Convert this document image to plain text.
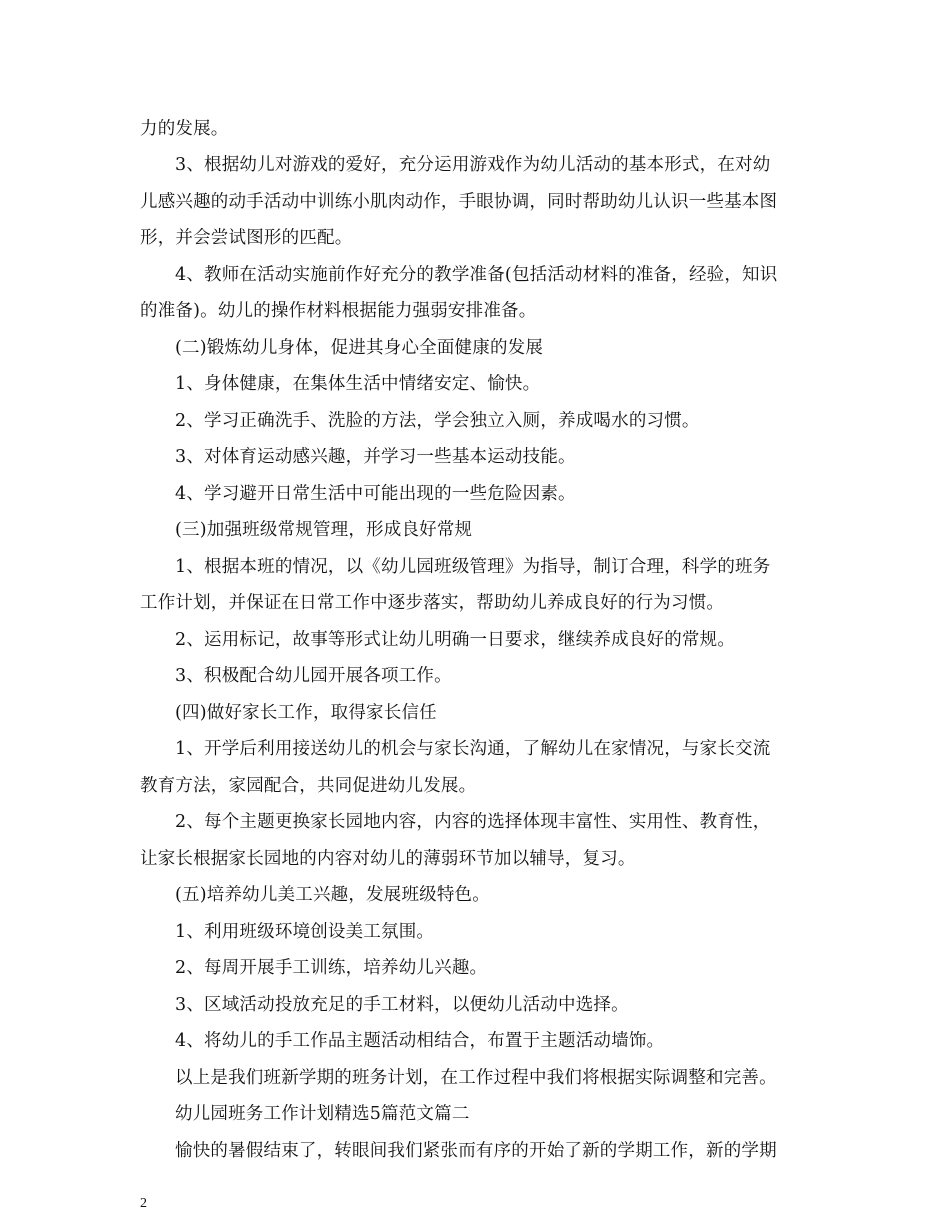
力的发展。
3、根据幼儿对游戏的爱好，充分运用游戏作为幼儿活动的基本形式，在对幼
儿感兴趣的动手活动中训练小肌肉动作，手眼协调，同时帮助幼儿认识一些基本图
形，并会尝试图形的匹配。
4、教师在活动实施前作好充分的教学准备(包括活动材料的准备，经验，知识
的准备)。幼儿的操作材料根据能力强弱安排准备。
(二)锻炼幼儿身体，促进其身心全面健康的发展
1、身体健康，在集体生活中情绪安定、愉快。
2、学习正确洗手、洗脸的方法，学会独立入厕，养成喝水的习惯。
3、对体育运动感兴趣，并学习一些基本运动技能。
4、学习避开日常生活中可能出现的一些危险因素。
(三)加强班级常规管理，形成良好常规
1、根据本班的情况，以《幼儿园班级管理》为指导，制订合理，科学的班务
工作计划，并保证在日常工作中逐步落实，帮助幼儿养成良好的行为习惯。
2、运用标记，故事等形式让幼儿明确一日要求，继续养成良好的常规。
3、积极配合幼儿园开展各项工作。
(四)做好家长工作，取得家长信任
1、开学后利用接送幼儿的机会与家长沟通，了解幼儿在家情况，与家长交流
教育方法，家园配合，共同促进幼儿发展。
2、每个主题更换家长园地内容，内容的选择体现丰富性、实用性、教育性，
让家长根据家长园地的内容对幼儿的薄弱环节加以辅导，复习。
(五)培养幼儿美工兴趣，发展班级特色。
1、利用班级环境创设美工氛围。
2、每周开展手工训练，培养幼儿兴趣。
3、区域活动投放充足的手工材料，以便幼儿活动中选择。
4、将幼儿的手工作品主题活动相结合，布置于主题活动墙饰。
以上是我们班新学期的班务计划，在工作过程中我们将根据实际调整和完善。
幼儿园班务工作计划精选5篇范文篇二
愉快的暑假结束了，转眼间我们紧张而有序的开始了新的学期工作，新的学期
2
